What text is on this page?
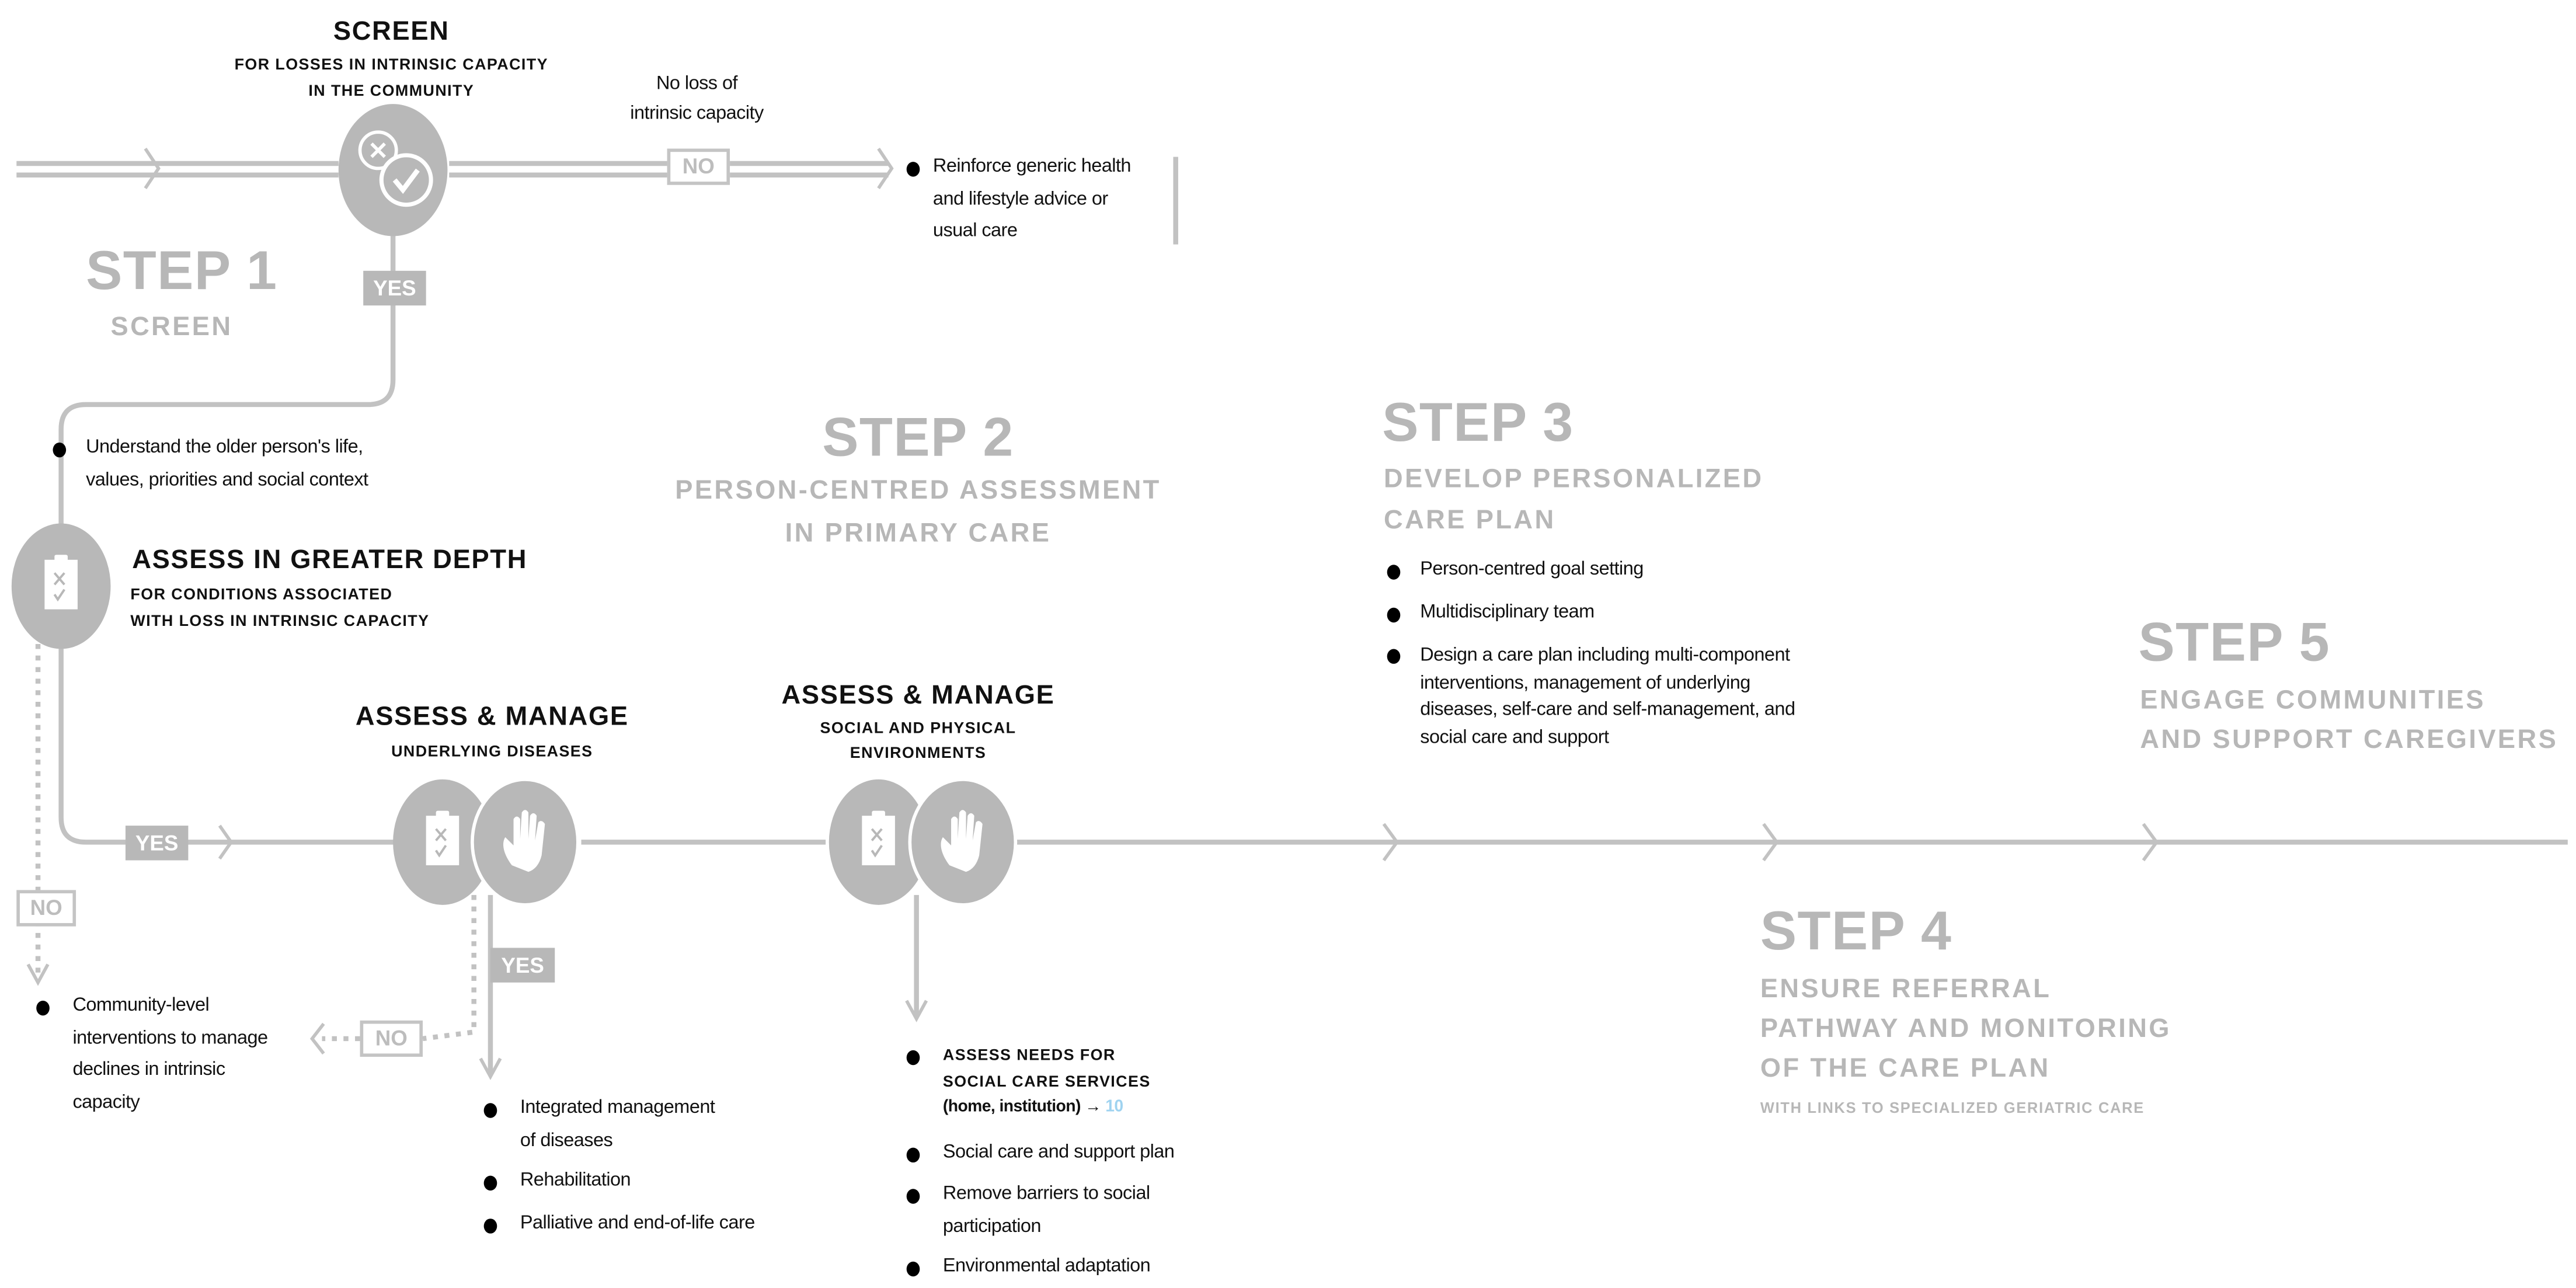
SCREEN
FOR LOSSES IN INTRINSIC CAPACITY
IN THE COMMUNITY	No loss of
intrinsic capacity
NO	Reinforce generic health
and lifestyle advice or
usual care
YES
STEP 1
SCREEN
Understand the older person's life,
values, priorities and social context
ASSESS IN GREATER DEPTH
FOR CONDITIONS ASSOCIATED
WITH LOSS IN INTRINSIC CAPACITY
YES
NO
Community-level
interventions to manage
declines in intrinsic
capacity
STEP 2
PERSON-CENTRED ASSESSMENT
IN PRIMARY CARE
ASSESS & MANAGE
UNDERLYING DISEASES
YES
NO
Integrated management
of diseases
Rehabilitation
Palliative and end-of-life care
ASSESS & MANAGE
SOCIAL AND PHYSICAL
ENVIRONMENTS
ASSESS NEEDS FOR
SOCIAL CARE SERVICES
(home, institution) → 10
Social care and support plan
Remove barriers to social
participation
Environmental adaptation
STEP 3
DEVELOP PERSONALIZED
CARE PLAN
Person-centred goal setting
Multidisciplinary team
Design a care plan including multi-component
interventions, management of underlying
diseases, self-care and self-management, and
social care and support
STEP 5
ENGAGE COMMUNITIES
AND SUPPORT CAREGIVERS
STEP 4
ENSURE REFERRAL
PATHWAY AND MONITORING
OF THE CARE PLAN
WITH LINKS TO SPECIALIZED GERIATRIC CARE
